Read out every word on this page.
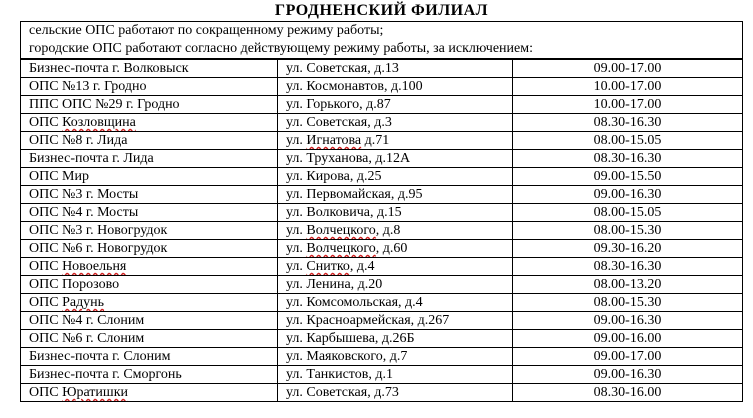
ГРОДНЕНСКИЙ ФИЛИАЛ
сельские ОПС работают по сокращенному режиму работы;
городские ОПС работают согласно действующему режиму работы, за исключением:
Бизнес-почта г. Волковыск	ул. Советская, д.13	09.00-17.00
ОПС №13 г. Гродно	ул. Космонавтов, д.100	10.00-17.00
ППС ОПС №29 г. Гродно	ул. Горького, д.87	10.00-17.00
ОПС Козловщина	ул. Советская, д.3	08.30-16.30
ОПС №8 г. Лида	ул. Игнатова д.71	08.00-15.05
Бизнес-почта г. Лида	ул. Труханова, д.12А	08.30-16.30
ОПС Мир	ул. Кирова, д.25	09.00-15.50
ОПС №3 г. Мосты	ул. Первомайская, д.95	09.00-16.30
ОПС №4 г. Мосты	ул. Волковича, д.15	08.00-15.05
ОПС №3 г. Новогрудок	ул. Волчецкого, д.8	08.00-15.30
ОПС №6 г. Новогрудок	ул. Волчецкого, д.60	09.30-16.20
ОПС Новоельня	ул. Снитко, д.4	08.30-16.30
ОПС Порозово	ул. Ленина, д.20	08.00-13.20
ОПС Радунь	ул. Комсомольская, д.4	08.00-15.30
ОПС №4 г. Слоним	ул. Красноармейская, д.267	09.00-16.30
ОПС №6 г. Слоним	ул. Карбышева, д.26Б	09.00-16.00
Бизнес-почта г. Слоним	ул. Маяковского, д.7	09.00-17.00
Бизнес-почта г. Сморгонь	ул. Танкистов, д.1	09.00-16.30
ОПС Юратишки	ул. Советская, д.73	08.30-16.00
